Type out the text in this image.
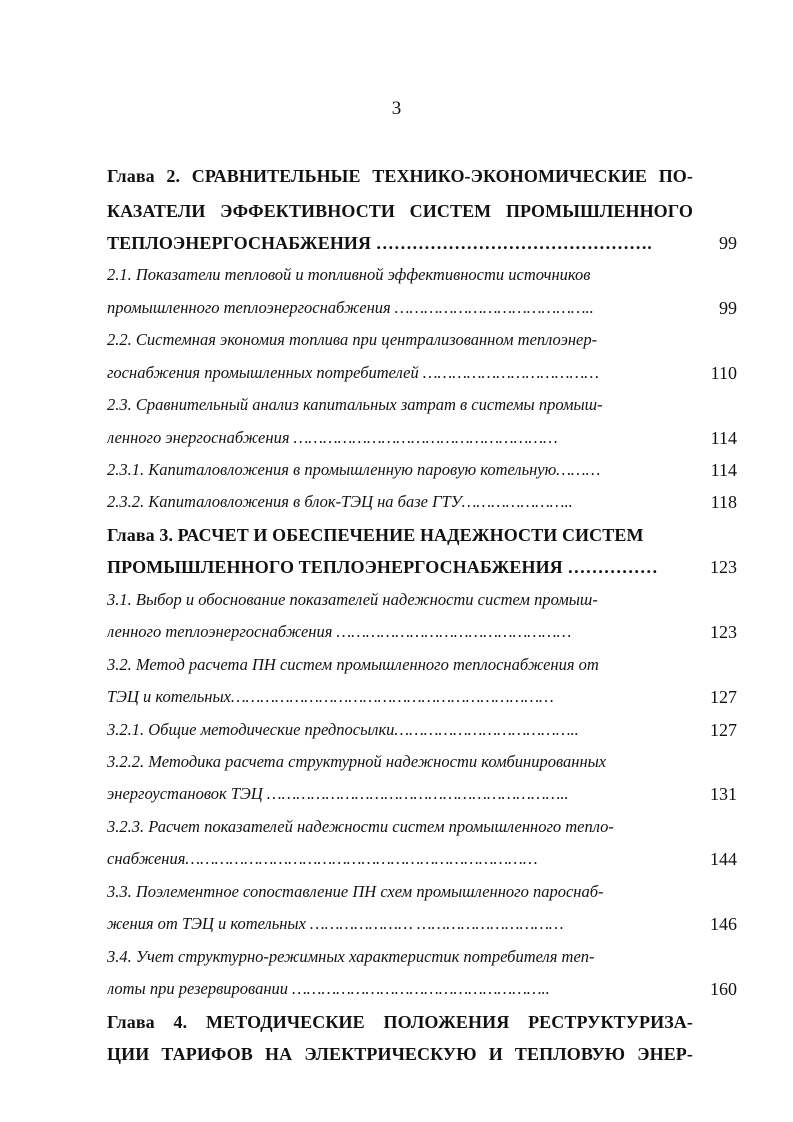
3
Глава 2. СРАВНИТЕЛЬНЫЕ ТЕХНИКО-ЭКОНОМИЧЕСКИЕ ПО-
КАЗАТЕЛИ ЭФФЕКТИВНОСТИ СИСТЕМ ПРОМЫШЛЕННОГО
ТЕПЛОЭНЕРГОСНАБЖЕНИЯ ……………………………………….	99
2.1. Показатели тепловой и топливной эффективности источников
промышленного теплоэнергоснабжения …………………………………..	99
2.2. Системная экономия топлива при централизованном теплоэнер-
госнабжения промышленных потребителей ………………………………	110
2.3. Сравнительный анализ капитальных затрат в системы промыш-
ленного энергоснабжения ………………………………………………	114
2.3.1. Капиталовложения в промышленную паровую котельную………	114
2.3.2. Капиталовложения в блок-ТЭЦ на базе ГТУ…………………..	118
Глава 3. РАСЧЕТ И ОБЕСПЕЧЕНИЕ НАДЕЖНОСТИ СИСТЕМ
ПРОМЫШЛЕННОГО ТЕПЛОЭНЕРГОСНАБЖЕНИЯ ……………	123
3.1. Выбор и обоснование показателей надежности систем промыш-
ленного теплоэнергоснабжения …………………………………………	123
3.2. Метод расчета ПН систем промышленного теплоснабжения от
ТЭЦ и котельных…………………………………………………………	127
3.2.1. Общие методические предпосылки………………………………..	127
3.2.2. Методика расчета структурной надежности комбинированных
энергоустановок ТЭЦ ……………………………………………………..	131
3.2.3. Расчет показателей надежности систем промышленного тепло-
снабжения………………………………………………………………	144
3.3. Поэлементное сопоставление ПН схем промышленного пароснаб-
жения от ТЭЦ и котельных ………………… …………………………	146
3.4. Учет структурно-режимных характеристик потребителя теп-
лоты при резервировании ……………………………………………..	160
Глава 4. МЕТОДИЧЕСКИЕ ПОЛОЖЕНИЯ РЕСТРУКТУРИЗА-
ЦИИ ТАРИФОВ НА ЭЛЕКТРИЧЕСКУЮ И ТЕПЛОВУЮ ЭНЕР-
